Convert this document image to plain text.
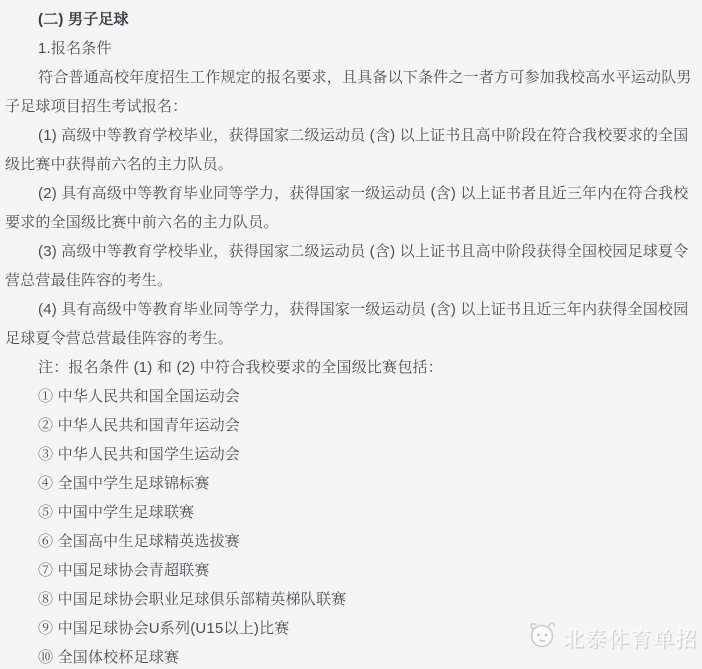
(二) 男子足球

1.报名条件

符合普通高校年度招生工作规定的报名要求，且具备以下条件之一者方可参加我校高水平运动队男子足球项目招生考试报名：

(1) 高级中等教育学校毕业，获得国家二级运动员 (含) 以上证书且高中阶段在符合我校要求的全国级比赛中获得前六名的主力队员。

(2) 具有高级中等教育毕业同等学力，获得国家一级运动员 (含) 以上证书者且近三年内在符合我校要求的全国级比赛中前六名的主力队员。

(3) 高级中等教育学校毕业，获得国家二级运动员 (含) 以上证书且高中阶段获得全国校园足球夏令营总营最佳阵容的考生。

(4) 具有高级中等教育毕业同等学力，获得国家一级运动员 (含) 以上证书且近三年内获得全国校园足球夏令营总营最佳阵容的考生。

注：报名条件 (1) 和 (2) 中符合我校要求的全国级比赛包括：

① 中华人民共和国全国运动会

② 中华人民共和国青年运动会

③ 中华人民共和国学生运动会

④ 全国中学生足球锦标赛

⑤ 中国中学生足球联赛

⑥ 全国高中生足球精英选拔赛

⑦ 中国足球协会青超联赛

⑧ 中国足球协会职业足球俱乐部精英梯队联赛

⑨ 中国足球协会U系列(U15以上)比赛

⑩ 全国体校杯足球赛

北泰体育单招
